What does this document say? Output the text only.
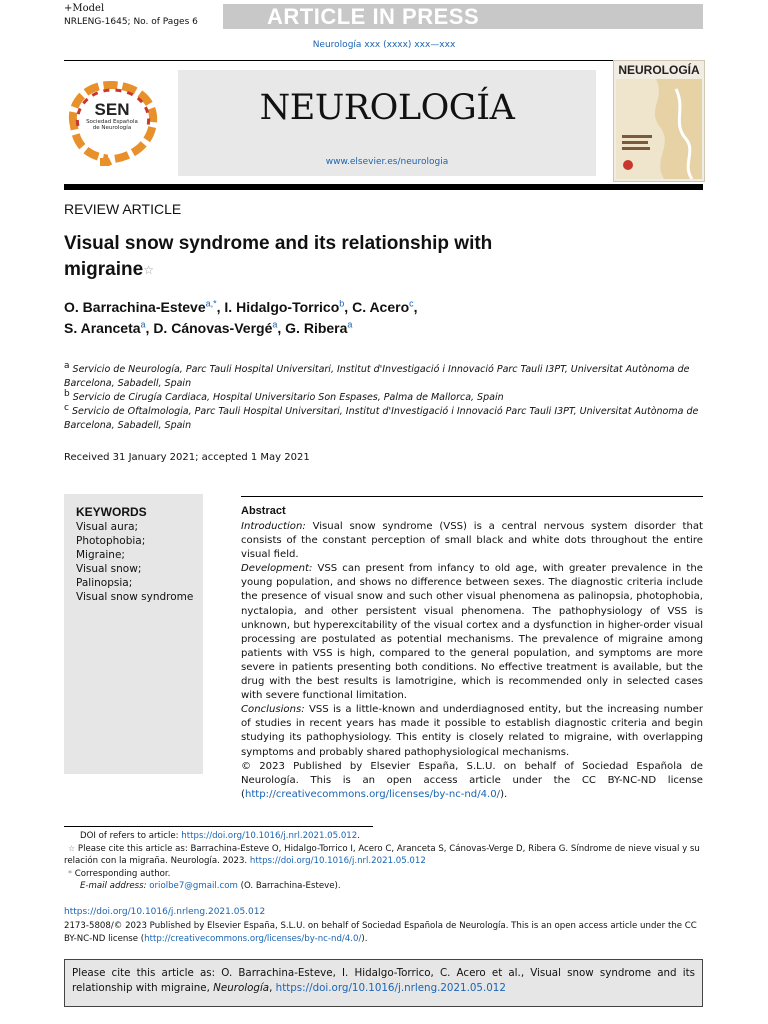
+Model
NRLENG-1645; No. of Pages 6	ARTICLE IN PRESS
Neurología xxx (xxxx) xxx—xxx
SEN
Sociedad Española
de Neurología	NEUROLOGÍA
www.elsevier.es/neurologia
NEUROLOGÍA
REVIEW ARTICLE
Visual snow syndrome and its relationship with
migraine☆
O. Barrachina-Esteve$^{a,*}$, I. Hidalgo-Torrico$^b$, C. Acero$^c$,
S. Aranceta$^a$, D. Cánovas-Vergé$^a$, G. Ribera$^a$
$^a$ Servicio de Neurología, Parc Tauli Hospital Universitari, Institut d'Investigació i Innovació Parc Tauli I3PT, Universitat Autònoma de Barcelona, Sabadell, Spain
$^b$ Servicio de Cirugía Cardiaca, Hospital Universitario Son Espases, Palma de Mallorca, Spain
$^c$ Servicio de Oftalmologia, Parc Tauli Hospital Universitari, Institut d'Investigació i Innovació Parc Tauli I3PT, Universitat Autònoma de Barcelona, Sabadell, Spain
Received 31 January 2021; accepted 1 May 2021
KEYWORDS
Visual aura;
Photophobia;
Migraine;
Visual snow;
Palinopsia;
Visual snow syndrome
Abstract

Introduction: Visual snow syndrome (VSS) is a central nervous system disorder that consists of the constant perception of small black and white dots throughout the entire visual field.

Development: VSS can present from infancy to old age, with greater prevalence in the young population, and shows no difference between sexes. The diagnostic criteria include the presence of visual snow and such other visual phenomena as palinopsia, photophobia, nyctalopia, and other persistent visual phenomena. The pathophysiology of VSS is unknown, but hyperexcitability of the visual cortex and a dysfunction in higher-order visual processing are postulated as potential mechanisms. The prevalence of migraine among patients with VSS is high, compared to the general population, and symptoms are more severe in patients presenting both conditions. No effective treatment is available, but the drug with the best results is lamotrigine, which is recommended only in selected cases with severe functional limitation.

Conclusions: VSS is a little-known and underdiagnosed entity, but the increasing number of studies in recent years has made it possible to establish diagnostic criteria and begin studying its pathophysiology. This entity is closely related to migraine, with overlapping symptoms and probably shared pathophysiological mechanisms.

© 2023 Published by Elsevier España, S.L.U. on behalf of Sociedad Española de Neurología. This is an open access article under the CC BY-NC-ND license (http://creativecommons.org/licenses/by-nc-nd/4.0/).

DOI of refers to article: https://doi.org/10.1016/j.nrl.2021.05.012.
☆ Please cite this article as: Barrachina-Esteve O, Hidalgo-Torrico I, Acero C, Aranceta S, Cánovas-Verge D, Ribera G. Síndrome de nieve visual y su relación con la migraña. Neurología. 2023. https://doi.org/10.1016/j.nrl.2021.05.012
* Corresponding author.
E-mail address: oriolbe7@gmail.com (O. Barrachina-Esteve).
https://doi.org/10.1016/j.nrleng.2021.05.012
2173-5808/© 2023 Published by Elsevier España, S.L.U. on behalf of Sociedad Española de Neurología. This is an open access article under the CC BY-NC-ND license (http://creativecommons.org/licenses/by-nc-nd/4.0/).
Please cite this article as: O. Barrachina-Esteve, I. Hidalgo-Torrico, C. Acero et al., Visual snow syndrome and its relationship with migraine, Neurología, https://doi.org/10.1016/j.nrleng.2021.05.012
